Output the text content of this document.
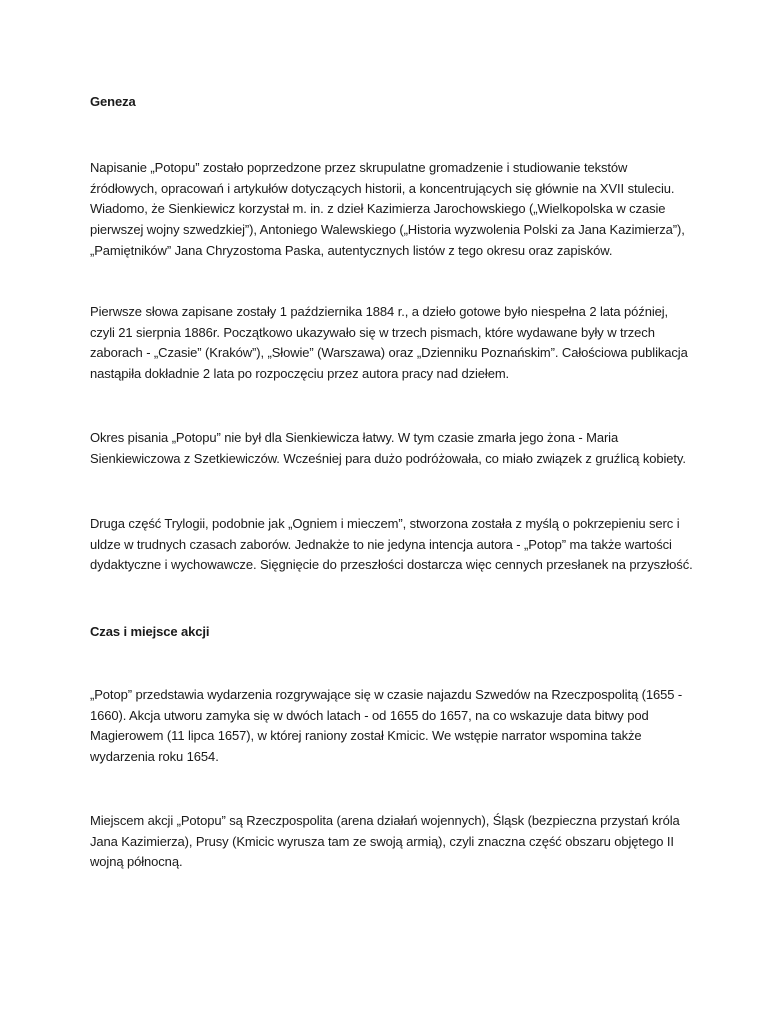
Geneza
Napisanie „Potopu” zostało poprzedzone przez skrupulatne gromadzenie i studiowanie tekstów
źródłowych, opracowań i artykułów dotyczących historii, a koncentrujących się głównie na XVII stuleciu.
Wiadomo, że Sienkiewicz korzystał m. in. z dzieł Kazimierza Jarochowskiego („Wielkopolska w czasie
pierwszej wojny szwedzkiej”), Antoniego Walewskiego („Historia wyzwolenia Polski za Jana Kazimierza”),
„Pamiętników” Jana Chryzostoma Paska, autentycznych listów z tego okresu oraz zapisków.
Pierwsze słowa zapisane zostały 1 października 1884 r., a dzieło gotowe było niespełna 2 lata później,
czyli 21 sierpnia 1886r. Początkowo ukazywało się w trzech pismach, które wydawane były w trzech
zaborach - „Czasie” (Kraków”), „Słowie” (Warszawa) oraz „Dzienniku Poznańskim”. Całościowa publikacja
nastąpiła dokładnie 2 lata po rozpoczęciu przez autora pracy nad dziełem.
Okres pisania „Potopu” nie był dla Sienkiewicza łatwy. W tym czasie zmarła jego żona - Maria
Sienkiewiczowa z Szetkiewiczów. Wcześniej para dużo podróżowała, co miało związek z gruźlicą kobiety.
Druga część Trylogii, podobnie jak „Ogniem i mieczem”, stworzona została z myślą o pokrzepieniu serc i
uldze w trudnych czasach zaborów. Jednakże to nie jedyna intencja autora - „Potop” ma także wartości
dydaktyczne i wychowawcze. Sięgnięcie do przeszłości dostarcza więc cennych przesłanek na przyszłość.
Czas i miejsce akcji
„Potop” przedstawia wydarzenia rozgrywające się w czasie najazdu Szwedów na Rzeczpospolitą (1655 -
1660). Akcja utworu zamyka się w dwóch latach - od 1655 do 1657, na co wskazuje data bitwy pod
Magierowem (11 lipca 1657), w której raniony został Kmicic. We wstępie narrator wspomina także
wydarzenia roku 1654.
Miejscem akcji „Potopu” są Rzeczpospolita (arena działań wojennych), Śląsk (bezpieczna przystań króla
Jana Kazimierza), Prusy (Kmicic wyrusza tam ze swoją armią), czyli znaczna część obszaru objętego II
wojną północną.
